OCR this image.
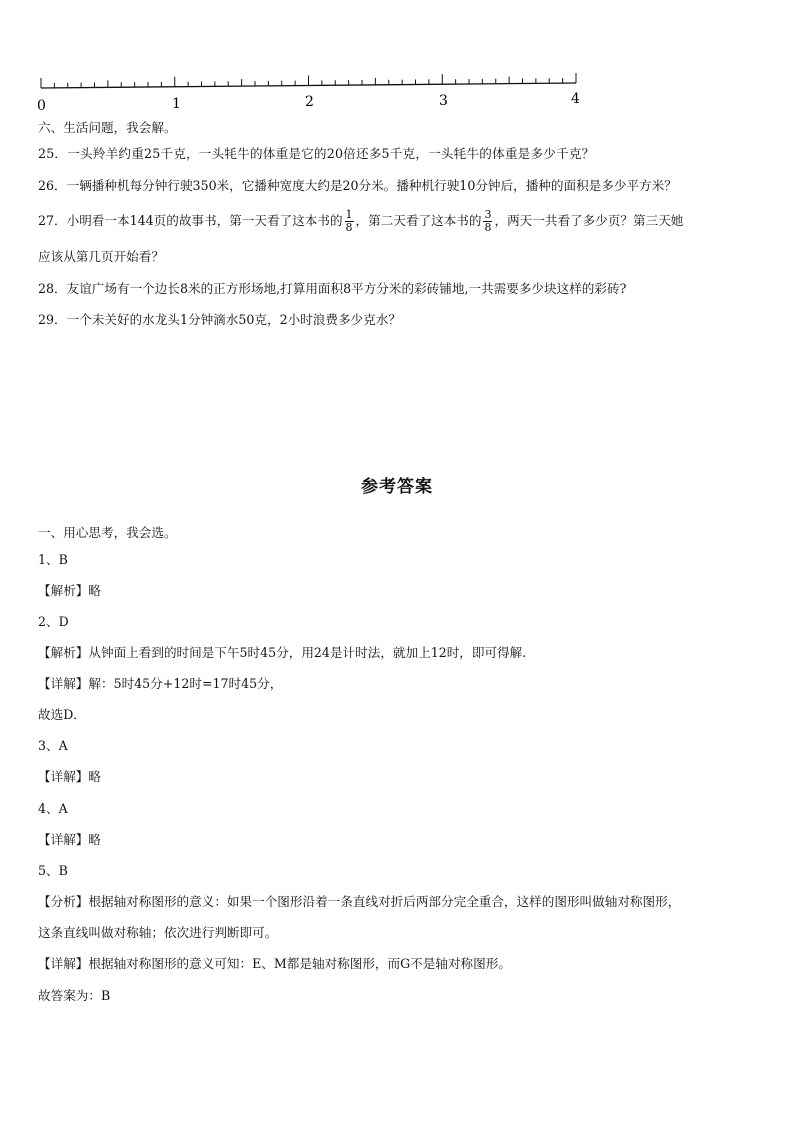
0	1	2	3	4
六、生活问题，我会解。
25．一头羚羊约重25千克，一头牦牛的体重是它的20倍还多5千克，一头牦牛的体重是多少千克？
26．一辆播种机每分钟行驶350米，它播种宽度大约是20分米。播种机行驶10分钟后，播种的面积是多少平方米？
27．小明看一本144页的故事书，第一天看了这本书的 $\frac{1}{8}$ ，第二天看了这本书的 $\frac{3}{8}$ ，两天一共看了多少页？第三天她
应该从第几页开始看？
28．友谊广场有一个边长8米的正方形场地,打算用面积8平方分米的彩砖铺地,一共需要多少块这样的彩砖?
29．一个未关好的水龙头1分钟滴水50克，2小时浪费多少克水？
参考答案
一、用心思考，我会选。
1、B
【解析】略
2、D
【解析】从钟面上看到的时间是下午5时45分，用24是计时法，就加上12时，即可得解.
【详解】解：5时45分+12时=17时45分，
故选D．
3、A
【详解】略
4、A
【详解】略
5、B
【分析】根据轴对称图形的意义：如果一个图形沿着一条直线对折后两部分完全重合，这样的图形叫做轴对称图形，
这条直线叫做对称轴；依次进行判断即可。
【详解】根据轴对称图形的意义可知：E、M都是轴对称图形，而G不是轴对称图形。
故答案为：B
